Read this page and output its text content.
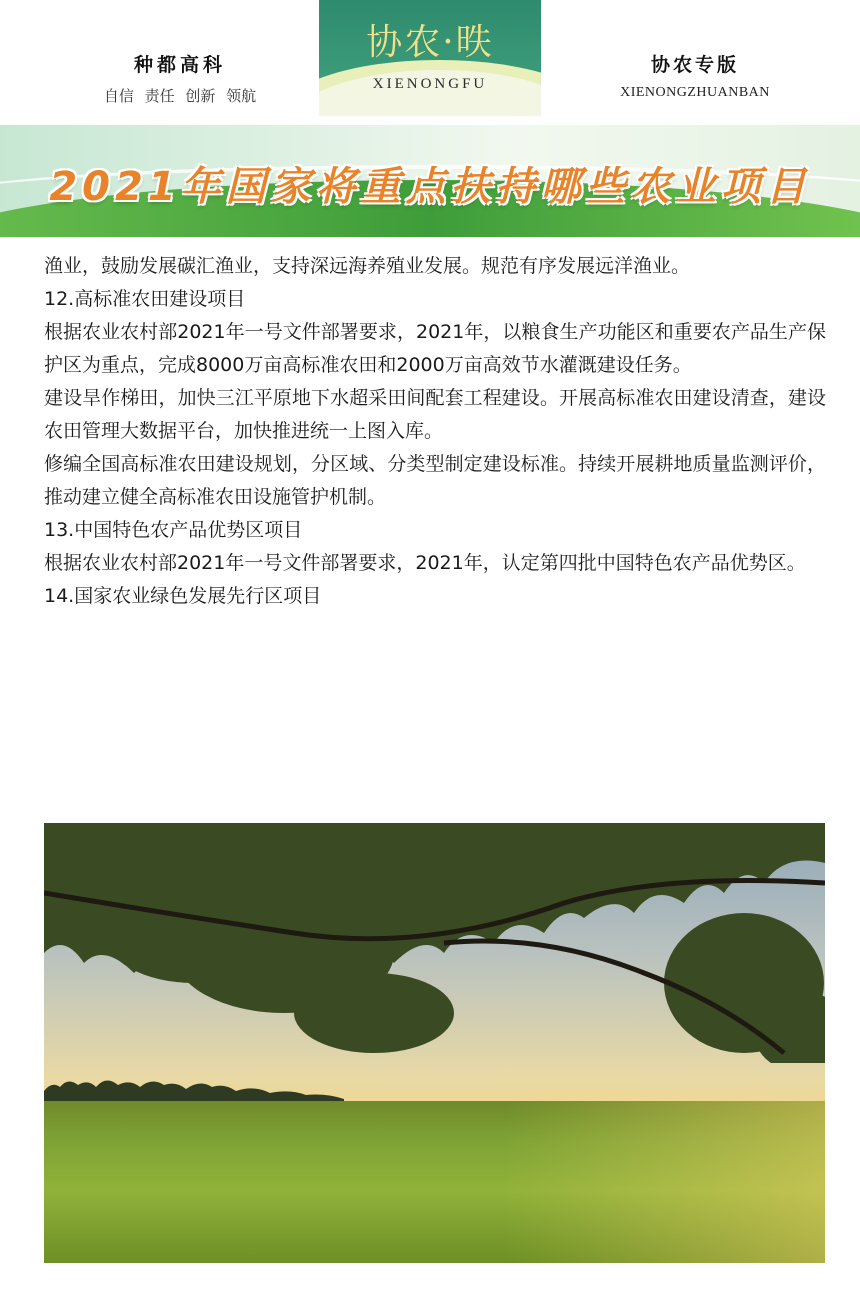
种都高科
自信 责任 创新 领航
协农·昳
XIENONGFU
协农专版
XIENONGZHUANBAN
2021年国家将重点扶持哪些农业项目

渔业，鼓励发展碳汇渔业，支持深远海养殖业发展。规范有序发展远洋渔业。

12.高标准农田建设项目

根据农业农村部2021年一号文件部署要求，2021年，以粮食生产功能区和重要农产品生产保护区为重点，完成8000万亩高标准农田和2000万亩高效节水灌溉建设任务。

建设旱作梯田，加快三江平原地下水超采田间配套工程建设。开展高标准农田建设清查，建设农田管理大数据平台，加快推进统一上图入库。

修编全国高标准农田建设规划，分区域、分类型制定建设标准。持续开展耕地质量监测评价，推动建立健全高标准农田设施管护机制。

13.中国特色农产品优势区项目

根据农业农村部2021年一号文件部署要求，2021年，认定第四批中国特色农产品优势区。

14.国家农业绿色发展先行区项目
